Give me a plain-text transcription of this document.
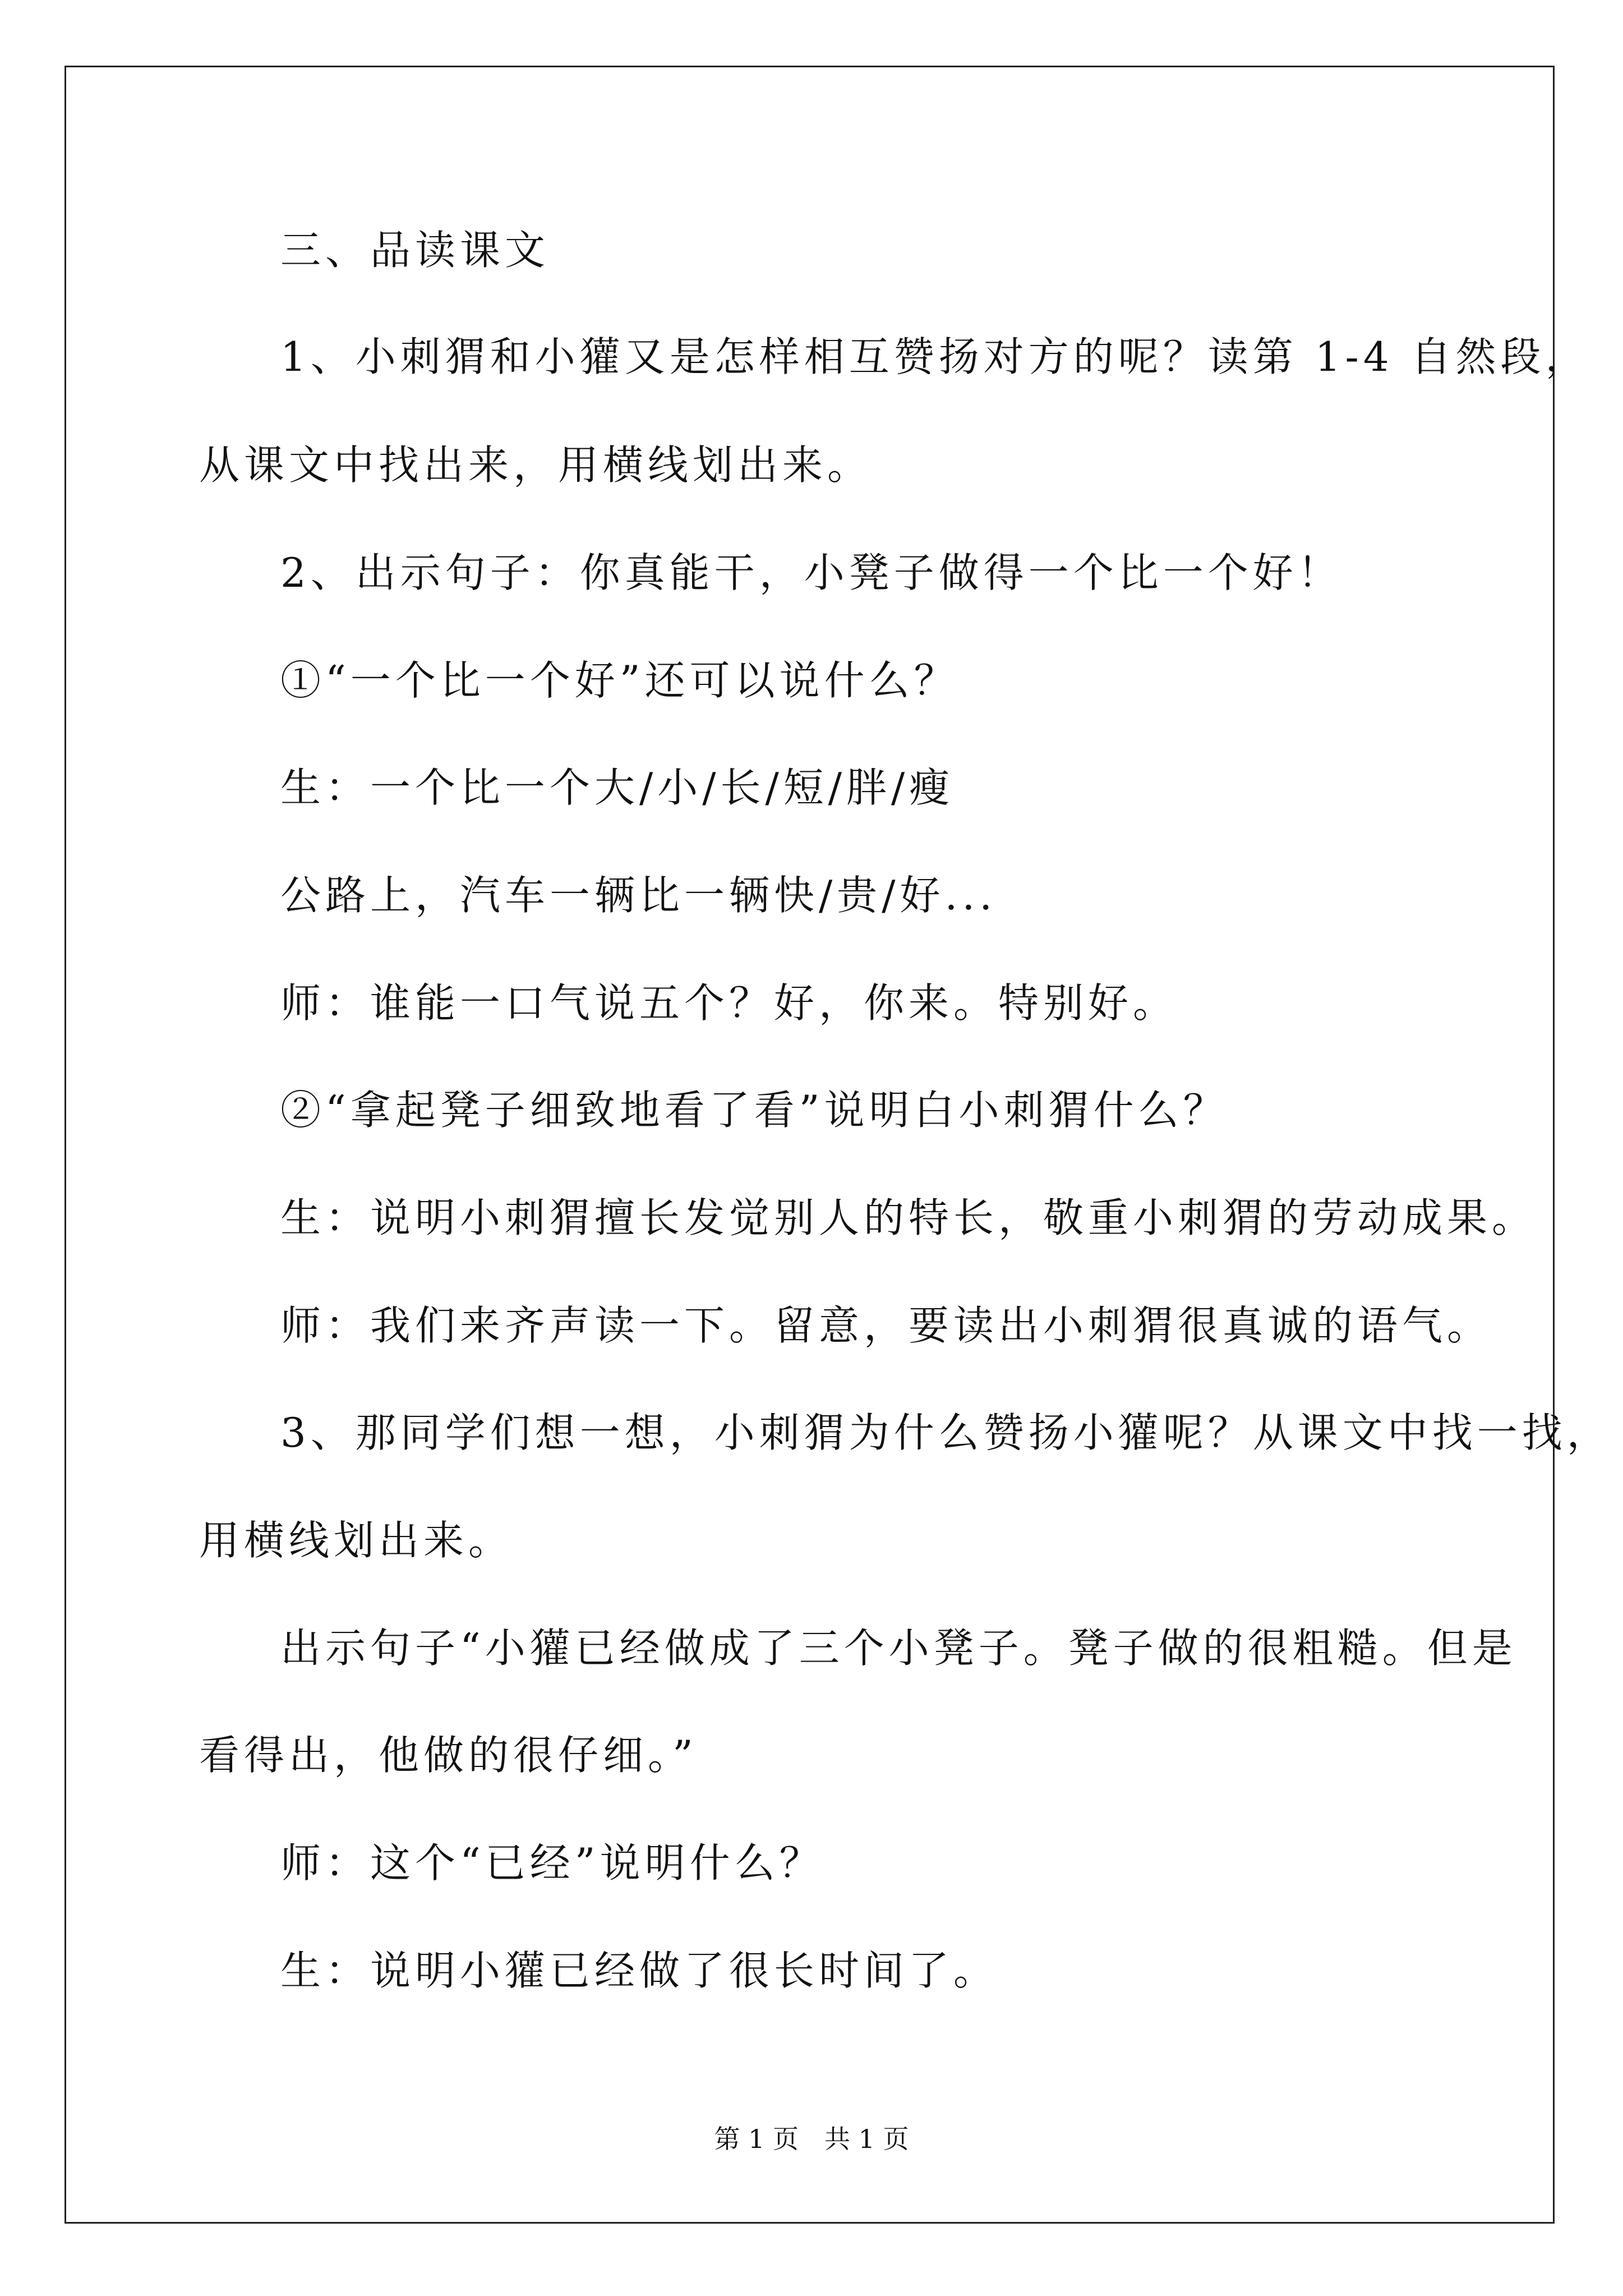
三、品读课文
1、小刺猬和小獾又是怎样相互赞扬对方的呢？读第 1-4 自然段，
从课文中找出来，用横线划出来。
2、出示句子：你真能干，小凳子做得一个比一个好！
①“一个比一个好”还可以说什么？
生：一个比一个大/小/长/短/胖/瘦
公路上，汽车一辆比一辆快/贵/好...
师：谁能一口气说五个？好，你来。特别好。
②“拿起凳子细致地看了看”说明白小刺猬什么？
生：说明小刺猬擅长发觉别人的特长，敬重小刺猬的劳动成果。
师：我们来齐声读一下。留意，要读出小刺猬很真诚的语气。
3、那同学们想一想，小刺猬为什么赞扬小獾呢？从课文中找一找，
用横线划出来。
出示句子“小獾已经做成了三个小凳子。凳子做的很粗糙。但是
看得出，他做的很仔细。”
师：这个“已经”说明什么？
生：说明小獾已经做了很长时间了。
第 1 页　共 1 页
